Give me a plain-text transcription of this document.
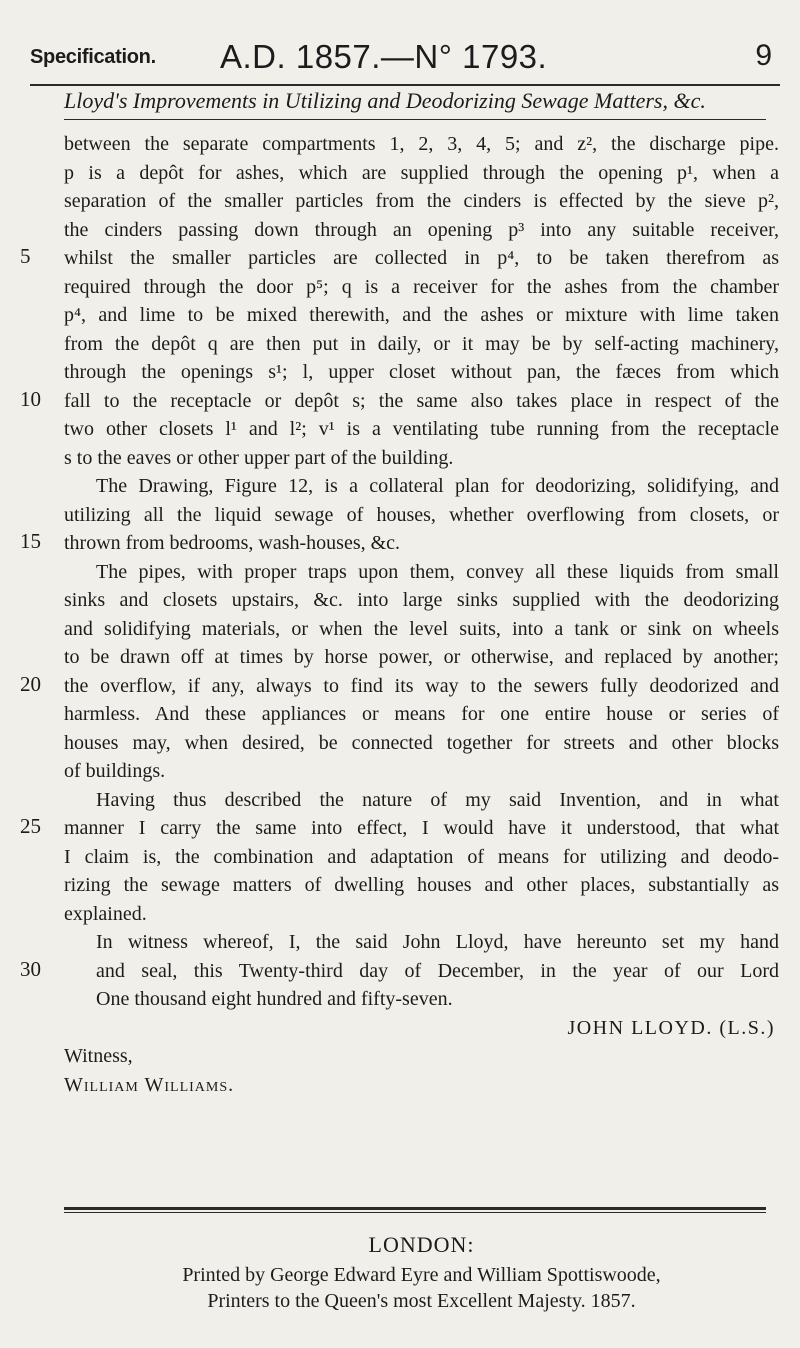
Specification. A.D. 1857.—N° 1793.	9
Lloyd's Improvements in Utilizing and Deodorizing Sewage Matters, &c.
between the separate compartments 1, 2, 3, 4, 5; and z², the discharge pipe.
p is a depôt for ashes, which are supplied through the opening p¹, when a
separation of the smaller particles from the cinders is effected by the sieve p²,
the cinders passing down through an opening p³ into any suitable receiver,
5	whilst the smaller particles are collected in p⁴, to be taken therefrom as
required through the door p⁵; q is a receiver for the ashes from the chamber
p⁴, and lime to be mixed therewith, and the ashes or mixture with lime taken
from the depôt q are then put in daily, or it may be by self-acting machinery,
through the openings s¹; l, upper closet without pan, the fæces from which
10	fall to the receptacle or depôt s; the same also takes place in respect of the
two other closets l¹ and l²; v¹ is a ventilating tube running from the receptacle
s to the eaves or other upper part of the building.
The Drawing, Figure 12, is a collateral plan for deodorizing, solidifying, and
utilizing all the liquid sewage of houses, whether overflowing from closets, or
15	thrown from bedrooms, wash-houses, &c.
The pipes, with proper traps upon them, convey all these liquids from small
sinks and closets upstairs, &c. into large sinks supplied with the deodorizing
and solidifying materials, or when the level suits, into a tank or sink on wheels
to be drawn off at times by horse power, or otherwise, and replaced by another;
20	the overflow, if any, always to find its way to the sewers fully deodorized and
harmless. And these appliances or means for one entire house or series of
houses may, when desired, be connected together for streets and other blocks
of buildings.
Having thus described the nature of my said Invention, and in what
25	manner I carry the same into effect, I would have it understood, that what
I claim is, the combination and adaptation of means for utilizing and deodo-
rizing the sewage matters of dwelling houses and other places, substantially as
explained.
In witness whereof, I, the said John Lloyd, have hereunto set my hand
30	and seal, this Twenty-third day of December, in the year of our Lord
One thousand eight hundred and fifty-seven.
JOHN LLOYD. (L.S.)
Witness,
William Williams.
LONDON:
Printed by George Edward Eyre and William Spottiswoode,
Printers to the Queen's most Excellent Majesty. 1857.
